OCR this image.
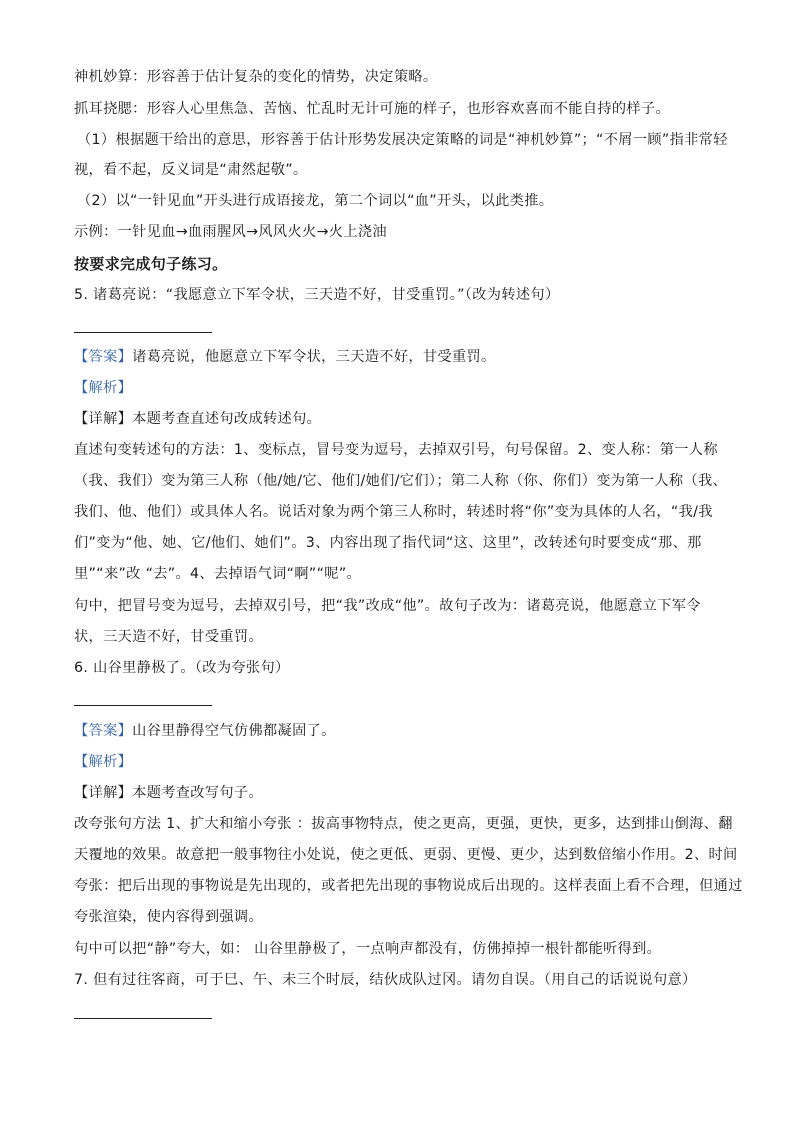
神机妙算：形容善于估计复杂的变化的情势，决定策略。
抓耳挠腮：形容人心里焦急、苦恼、忙乱时无计可施的样子，也形容欢喜而不能自持的样子。
（1）根据题干给出的意思，形容善于估计形势发展决定策略的词是“神机妙算”；“不屑一顾”指非常轻
视，看不起，反义词是“肃然起敬”。
（2）以“一针见血”开头进行成语接龙，第二个词以“血”开头，以此类推。
示例：一针见血→血雨腥风→风风火火→火上浇油
按要求完成句子练习。
5. 诸葛亮说：“我愿意立下军令状，三天造不好，甘受重罚。”（改为转述句）
【答案】诸葛亮说，他愿意立下军令状，三天造不好，甘受重罚。
【解析】
【详解】本题考查直述句改成转述句。
直述句变转述句的方法：1、变标点，冒号变为逗号，去掉双引号，句号保留。2、变人称：第一人称
（我、我们）变为第三人称（他/她/它、他们/她们/它们）；第二人称（你、你们）变为第一人称（我、
我们、他、他们）或具体人名。说话对象为两个第三人称时，转述时将“你”变为具体的人名，“我/我
们”变为“他、她、它/他们、她们”。3、内容出现了指代词“这、这里”，改转述句时要变成“那、那
里”“来”改 “去”。4、去掉语气词“啊”“呢”。
句中，把冒号变为逗号，去掉双引号，把“我”改成“他”。故句子改为：诸葛亮说，他愿意立下军令
状，三天造不好，甘受重罚。
6. 山谷里静极了。（改为夸张句）
【答案】山谷里静得空气仿佛都凝固了。
【解析】
【详解】本题考查改写句子。
改夸张句方法 1、扩大和缩小夸张 ：拔高事物特点，使之更高，更强，更快，更多，达到排山倒海、翻
天覆地的效果。故意把一般事物往小处说，使之更低、更弱、更慢、更少，达到数倍缩小作用。2、时间
夸张：把后出现的事物说是先出现的，或者把先出现的事物说成后出现的。这样表面上看不合理，但通过
夸张渲染，使内容得到强调。
句中可以把“静”夸大，如： 山谷里静极了，一点响声都没有，仿佛掉掉一根针都能听得到。
7. 但有过往客商，可于巳、午、未三个时辰，结伙成队过冈。请勿自误。（用自己的话说说句意）
